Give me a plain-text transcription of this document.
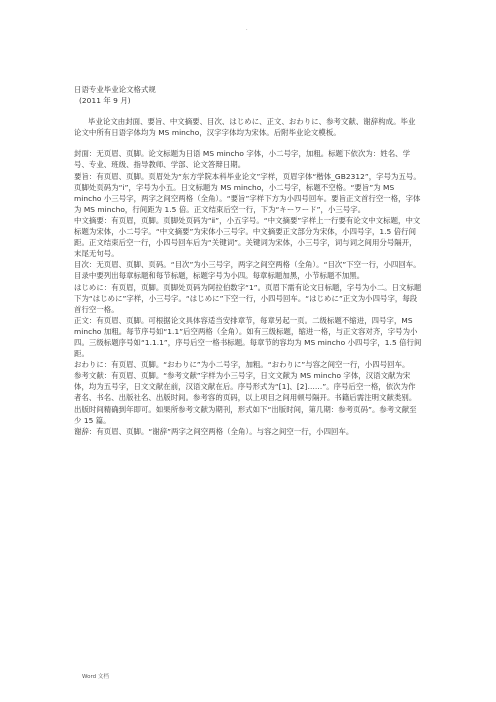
.

日语专业毕业论文格式规

(2011 年 9 月)

毕业论文由封面、要旨、中文摘要、目次、はじめに、正文、おわりに、参考文献、谢辞构成。毕业论文中所有日语字体均为 MS mincho，汉字字体均为宋体。后附毕业论文模板。

封面：无页眉、页脚。论文标题为日语 MS mincho 字体，小二号字，加粗。标题下依次为：姓名、学号、专业、班级、指导教师、学部、论文答辩日期。

要旨：有页眉、页脚。页眉处为“东方学院本科毕业论文”字样，页眉字体“楷体_GB2312”，字号为五号。页脚处页码为“ⅰ”，字号为小五。日文标题为 MS mincho，小二号字，标题不空格。“要旨”为 MS mincho 小三号字，两字之间空两格（全角）。“要旨”字样下方为小四号回车。要旨正文首行空一格，字体为 MS mincho，行间距为 1.5 倍。正文结束后空一行，下为“キーワード”，小三号字。

中文摘要：有页眉，页脚。页脚处页码为“ⅱ”，小五字号。“中文摘要”字样上一行要有论文中文标题，中文标题为宋体，小二号字。“中文摘要”为宋体小三号字。中文摘要正文部分为宋体，小四号字，1.5 倍行间距。正文结束后空一行，小四号回车后为“关键词”。关键词为宋体，小三号字，词与词之间用分号隔开，末尾无句号。

目次：无页眉、页脚、页码。“目次”为小三号字，两字之间空两格（全角）。“目次”下空一行，小四回车。目录中要列出每章标题和每节标题，标题字号为小四。每章标题加黑，小节标题不加黑。

はじめに：有页眉，页脚。页脚处页码为阿拉伯数字“1”。页眉下需有论文日标题，字号为小二。日文标题下为“はじめに”字样，小三号字。“はじめに”下空一行，小四号回车。“はじめに”正文为小四号字，每段首行空一格。

正文：有页眉、页脚。可根据论文具体容适当安排章节，每章另起一页。二级标题不缩进，四号字，MS mincho 加粗。每节序号如“1.1”后空两格（全角）。如有三级标题，缩进一格，与正文容对齐，字号为小四。三级标题序号如“1.1.1”，序号后空一格书标题。每章节的容均为 MS mincho 小四号字，1.5 倍行间距。

おわりに：有页眉、页脚。“おわりに”为小二号字，加粗。“おわりに”与容之间空一行，小四号回车。

参考文献：有页眉、页脚。“参考文献”字样为小三号字，日文文献为 MS mincho 字体，汉语文献为宋体，均为五号字，日文文献在前，汉语文献在后。序号形式为“[1]、[2]……”。序号后空一格，依次为作者名、书名、出版社名、出版时间。参考容的页码，以上项目之间用顿号隔开。书籍后需注明文献类别。出版时间精确到年即可。如果所参考文献为期刊，形式如下“出版时间，第几期：参考页码”。参考文献至少 15 篇。

谢辞：有页眉、页脚。“谢辞”两字之间空两格（全角）。与容之间空一行，小四回车。

Word 文档
